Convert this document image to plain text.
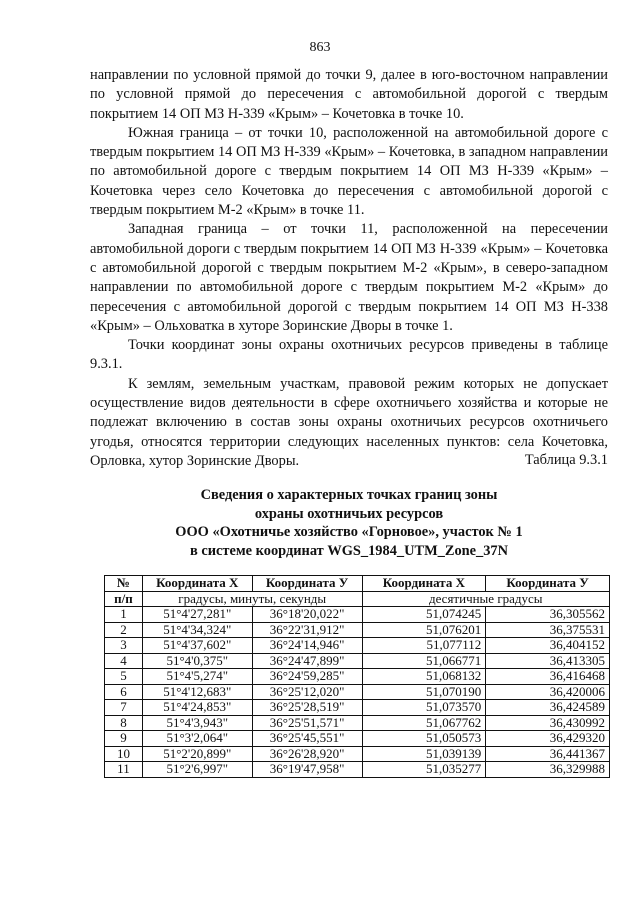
863

направлении по условной прямой до точки 9, далее в юго-восточном направлении по условной прямой до пересечения с автомобильной дорогой с твердым покрытием 14 ОП МЗ Н-339 «Крым» – Кочетовка в точке 10.

Южная граница – от точки 10, расположенной на автомобильной дороге с твердым покрытием 14 ОП МЗ Н-339 «Крым» – Кочетовка, в западном направлении по автомобильной дороге с твердым покрытием 14 ОП МЗ Н-339 «Крым» – Кочетовка через село Кочетовка до пересечения с автомобильной дорогой с твердым покрытием М-2 «Крым» в точке 11.

Западная граница – от точки 11, расположенной на пересечении автомобильной дороги с твердым покрытием 14 ОП МЗ Н-339 «Крым» – Кочетовка с автомобильной дорогой с твердым покрытием М-2 «Крым», в северо-западном направлении по автомобильной дороге с твердым покрытием М-2 «Крым» до пересечения с автомобильной дорогой с твердым покрытием 14 ОП МЗ Н-338 «Крым» – Ольховатка в хуторе Зоринские Дворы в точке 1.

Точки координат зоны охраны охотничьих ресурсов приведены в таблице 9.3.1.

К землям, земельным участкам, правовой режим которых не допускает осуществление видов деятельности в сфере охотничьего хозяйства и которые не подлежат включению в состав зоны охраны охотничьих ресурсов охотничьего угодья, относятся территории следующих населенных пунктов: села Кочетовка, Орловка, хутор Зоринские Дворы.	Таблица 9.3.1
Сведения о характерных точках границ зоны
охраны охотничьих ресурсов
ООО «Охотничье хозяйство «Горновое», участок № 1
в системе координат WGS_1984_UTM_Zone_37N
№	Координата X	Координата У	Координата X	Координата У
п/п	градусы, минуты, секунды		десятичные градусы	
1	51°4'27,281"	36°18'20,022"	51,074245	36,305562
2	51°4'34,324"	36°22'31,912"	51,076201	36,375531
3	51°4'37,602"	36°24'14,946"	51,077112	36,404152
4	51°4'0,375"	36°24'47,899"	51,066771	36,413305
5	51°4'5,274"	36°24'59,285"	51,068132	36,416468
6	51°4'12,683"	36°25'12,020"	51,070190	36,420006
7	51°4'24,853"	36°25'28,519"	51,073570	36,424589
8	51°4'3,943"	36°25'51,571"	51,067762	36,430992
9	51°3'2,064"	36°25'45,551"	51,050573	36,429320
10	51°2'20,899"	36°26'28,920"	51,039139	36,441367
11	51°2'6,997"	36°19'47,958"	51,035277	36,329988
